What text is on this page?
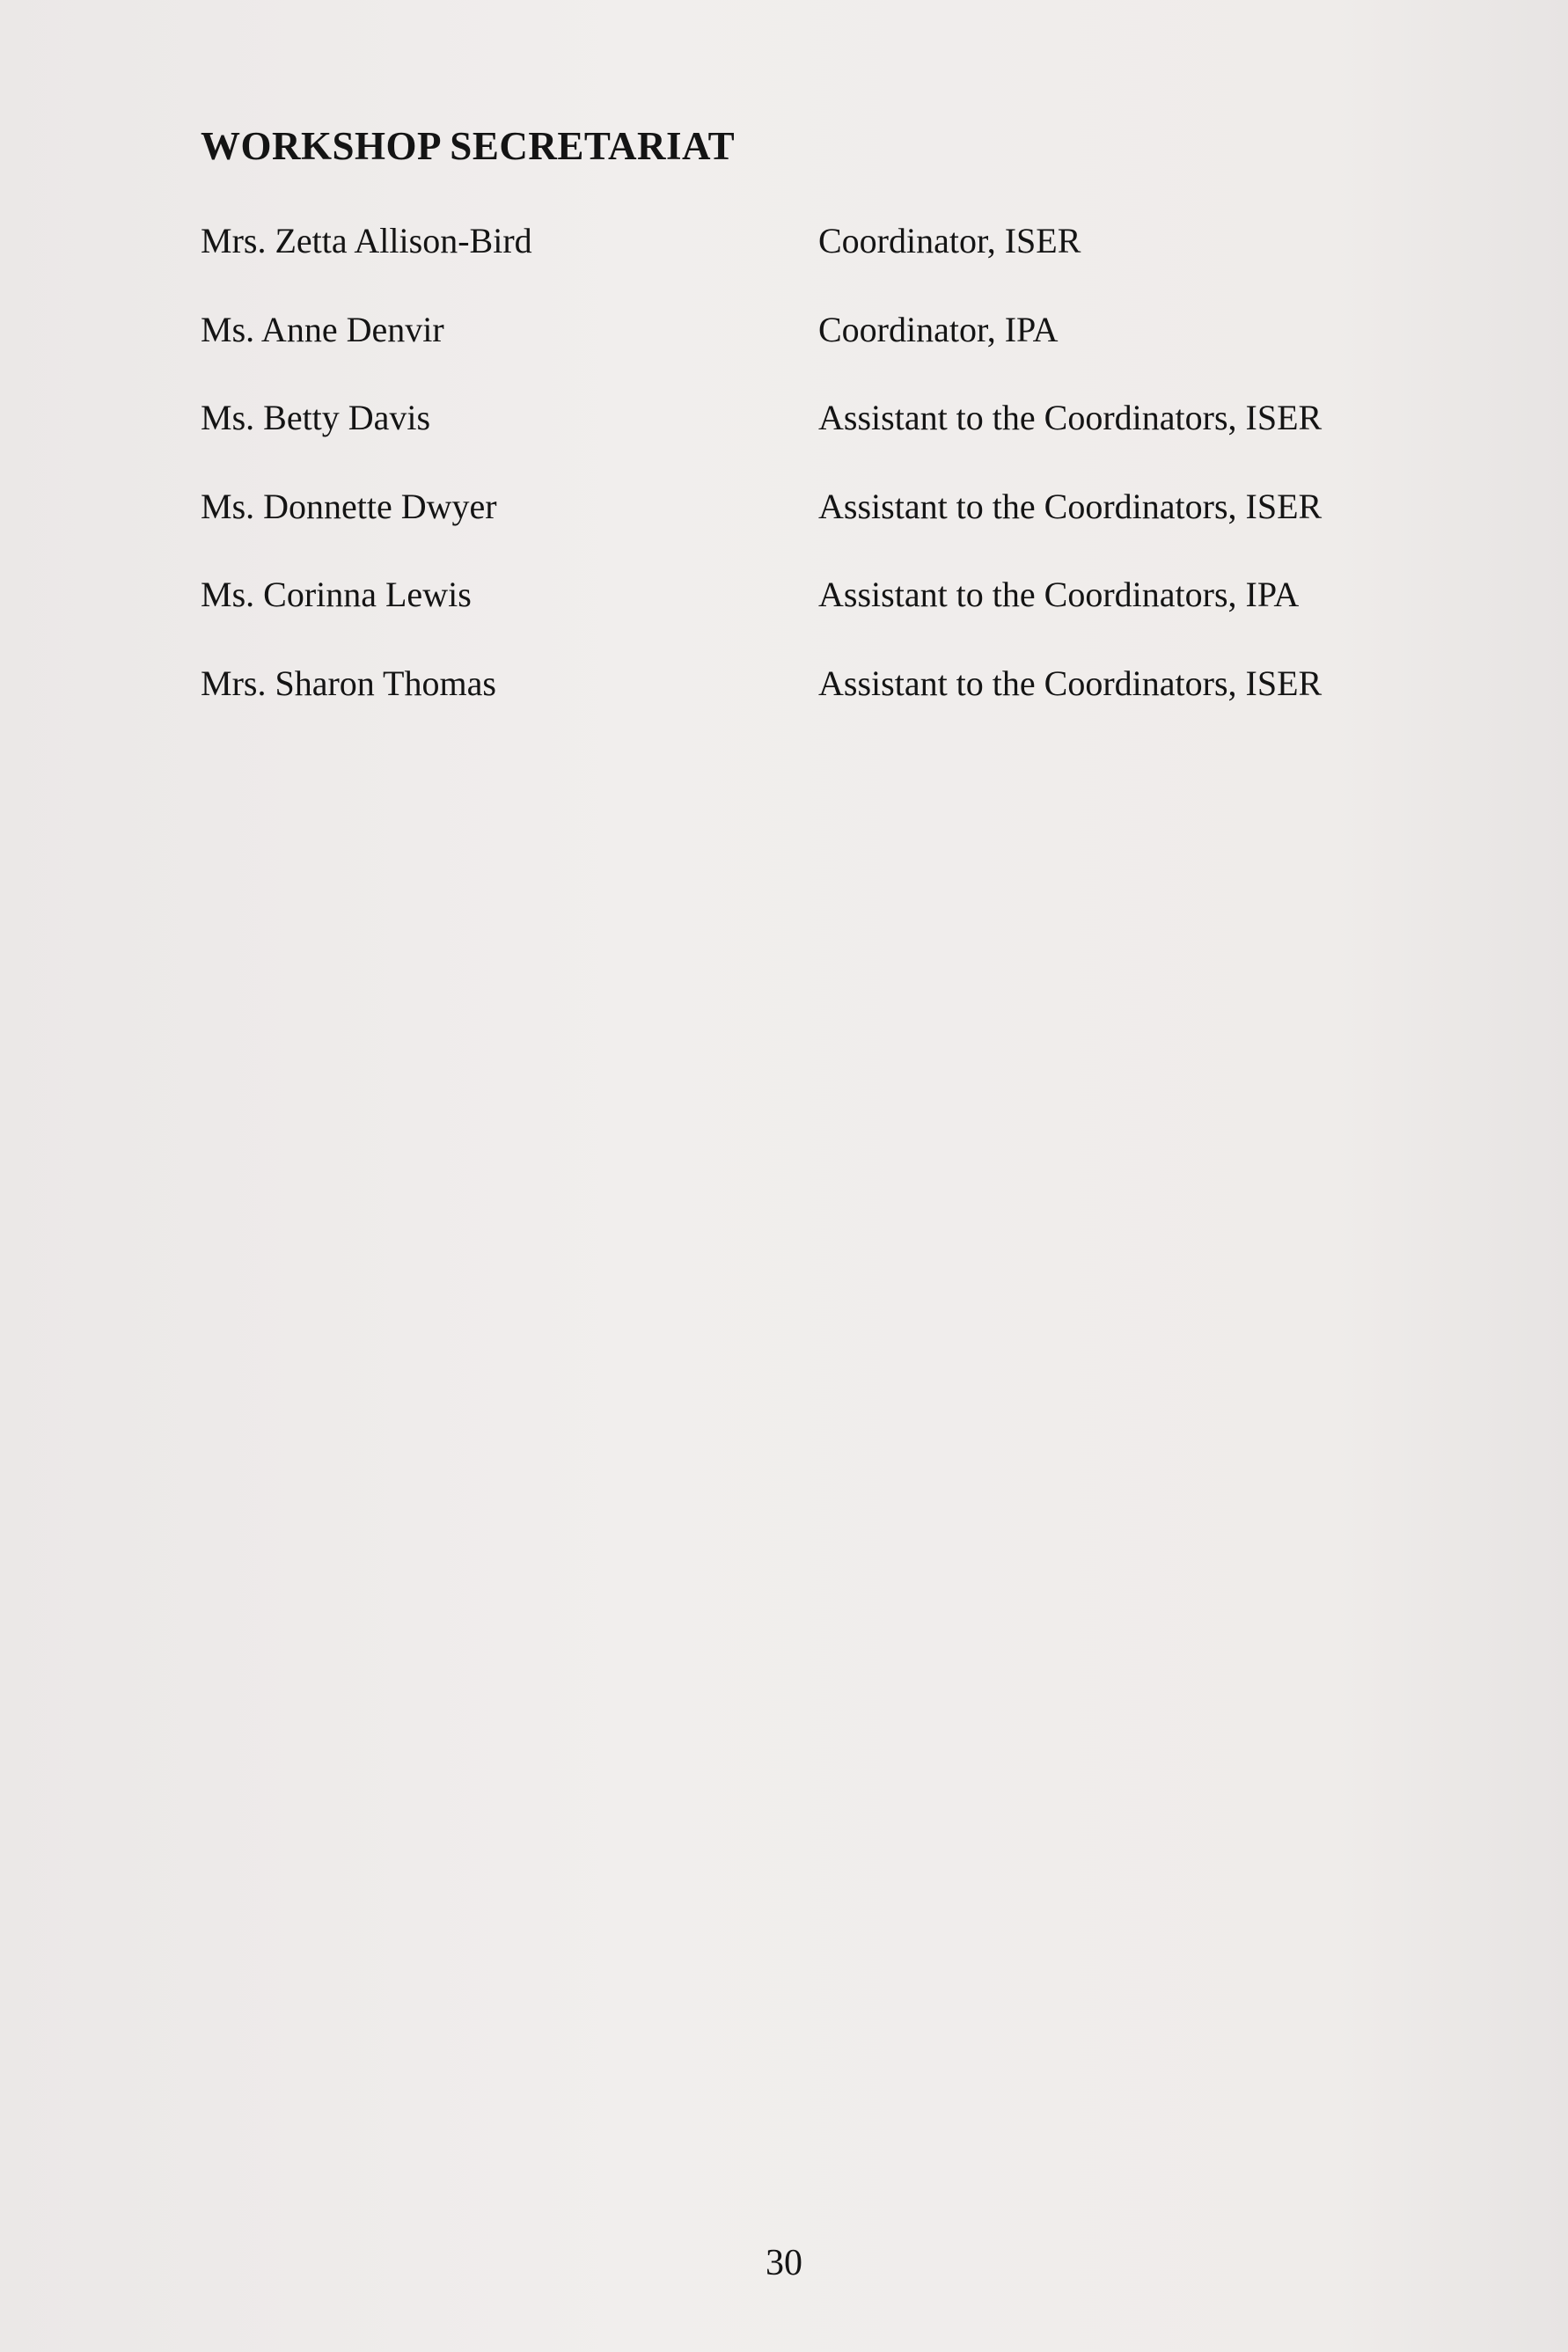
WORKSHOP SECRETARIAT
Mrs. Zetta Allison-Bird	Coordinator, ISER
Ms. Anne Denvir	Coordinator, IPA
Ms. Betty Davis	Assistant to the Coordinators, ISER
Ms. Donnette Dwyer	Assistant to the Coordinators, ISER
Ms. Corinna Lewis	Assistant to the Coordinators, IPA
Mrs. Sharon Thomas	Assistant to the Coordinators, ISER
30
